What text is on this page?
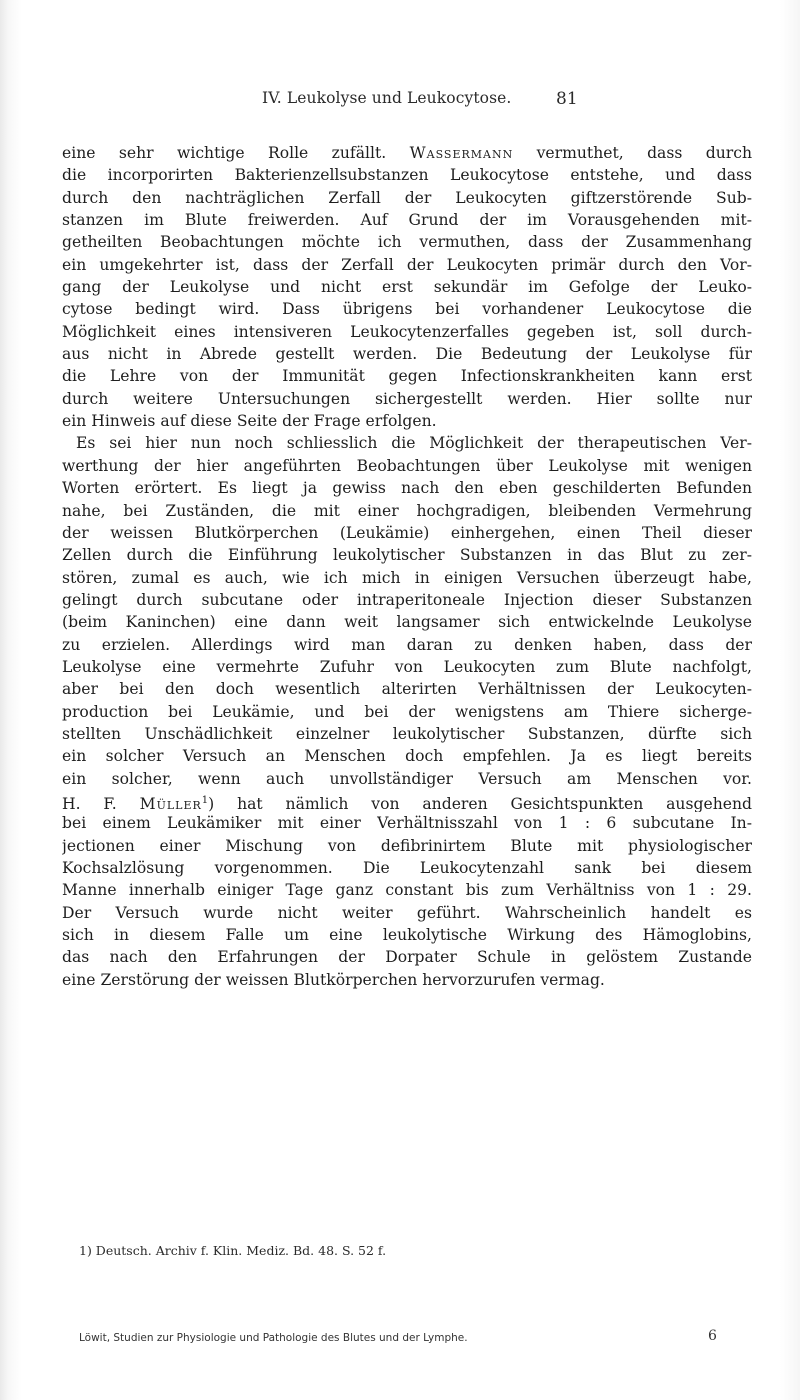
IV. Leukolyse und Leukocytose.	81
eine sehr wichtige Rolle zufällt. Wassermann vermuthet, dass durch
die incorporirten Bakterienzellsubstanzen Leukocytose entstehe, und dass
durch den nachträglichen Zerfall der Leukocyten giftzerstörende Sub-
stanzen im Blute freiwerden. Auf Grund der im Vorausgehenden mit-
getheilten Beobachtungen möchte ich vermuthen, dass der Zusammenhang
ein umgekehrter ist, dass der Zerfall der Leukocyten primär durch den Vor-
gang der Leukolyse und nicht erst sekundär im Gefolge der Leuko-
cytose bedingt wird. Dass übrigens bei vorhandener Leukocytose die
Möglichkeit eines intensiveren Leukocytenzerfalles gegeben ist, soll durch-
aus nicht in Abrede gestellt werden. Die Bedeutung der Leukolyse für
die Lehre von der Immunität gegen Infectionskrankheiten kann erst
durch weitere Untersuchungen sichergestellt werden. Hier sollte nur
ein Hinweis auf diese Seite der Frage erfolgen.
Es sei hier nun noch schliesslich die Möglichkeit der therapeutischen Ver-
werthung der hier angeführten Beobachtungen über Leukolyse mit wenigen
Worten erörtert. Es liegt ja gewiss nach den eben geschilderten Befunden
nahe, bei Zuständen, die mit einer hochgradigen, bleibenden Vermehrung
der weissen Blutkörperchen (Leukämie) einhergehen, einen Theil dieser
Zellen durch die Einführung leukolytischer Substanzen in das Blut zu zer-
stören, zumal es auch, wie ich mich in einigen Versuchen überzeugt habe,
gelingt durch subcutane oder intraperitoneale Injection dieser Substanzen
(beim Kaninchen) eine dann weit langsamer sich entwickelnde Leukolyse
zu erzielen. Allerdings wird man daran zu denken haben, dass der
Leukolyse eine vermehrte Zufuhr von Leukocyten zum Blute nachfolgt,
aber bei den doch wesentlich alterirten Verhältnissen der Leukocyten-
production bei Leukämie, und bei der wenigstens am Thiere sicherge-
stellten Unschädlichkeit einzelner leukolytischer Substanzen, dürfte sich
ein solcher Versuch an Menschen doch empfehlen. Ja es liegt bereits
ein solcher, wenn auch unvollständiger Versuch am Menschen vor.
H. F. Müller$^1$) hat nämlich von anderen Gesichtspunkten ausgehend
bei einem Leukämiker mit einer Verhältnisszahl von 1 : 6 subcutane In-
jectionen einer Mischung von defibrinirtem Blute mit physiologischer
Kochsalzlösung vorgenommen. Die Leukocytenzahl sank bei diesem
Manne innerhalb einiger Tage ganz constant bis zum Verhältniss von 1 : 29.
Der Versuch wurde nicht weiter geführt. Wahrscheinlich handelt es
sich in diesem Falle um eine leukolytische Wirkung des Hämoglobins,
das nach den Erfahrungen der Dorpater Schule in gelöstem Zustande
eine Zerstörung der weissen Blutkörperchen hervorzurufen vermag.
1) Deutsch. Archiv f. Klin. Mediz. Bd. 48. S. 52 f.
Löwit, Studien zur Physiologie und Pathologie des Blutes und der Lymphe.	6
